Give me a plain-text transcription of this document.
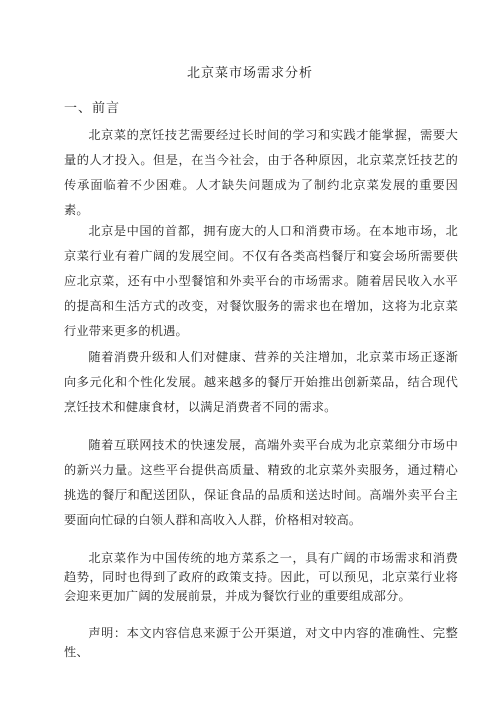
北京菜市场需求分析
一、前言

北京菜的烹饪技艺需要经过长时间的学习和实践才能掌握，需要大量的人才投入。但是，在当今社会，由于各种原因，北京菜烹饪技艺的传承面临着不少困难。人才缺失问题成为了制约北京菜发展的重要因素。

北京是中国的首都，拥有庞大的人口和消费市场。在本地市场，北京菜行业有着广阔的发展空间。不仅有各类高档餐厅和宴会场所需要供应北京菜，还有中小型餐馆和外卖平台的市场需求。随着居民收入水平的提高和生活方式的改变，对餐饮服务的需求也在增加，这将为北京菜行业带来更多的机遇。

随着消费升级和人们对健康、营养的关注增加，北京菜市场正逐渐向多元化和个性化发展。越来越多的餐厅开始推出创新菜品，结合现代烹饪技术和健康食材，以满足消费者不同的需求。

随着互联网技术的快速发展，高端外卖平台成为北京菜细分市场中的新兴力量。这些平台提供高质量、精致的北京菜外卖服务，通过精心挑选的餐厅和配送团队，保证食品的品质和送达时间。高端外卖平台主要面向忙碌的白领人群和高收入人群，价格相对较高。

北京菜作为中国传统的地方菜系之一，具有广阔的市场需求和消费趋势，同时也得到了政府的政策支持。因此，可以预见，北京菜行业将会迎来更加广阔的发展前景，并成为餐饮行业的重要组成部分。

声明：本文内容信息来源于公开渠道，对文中内容的准确性、完整性、
